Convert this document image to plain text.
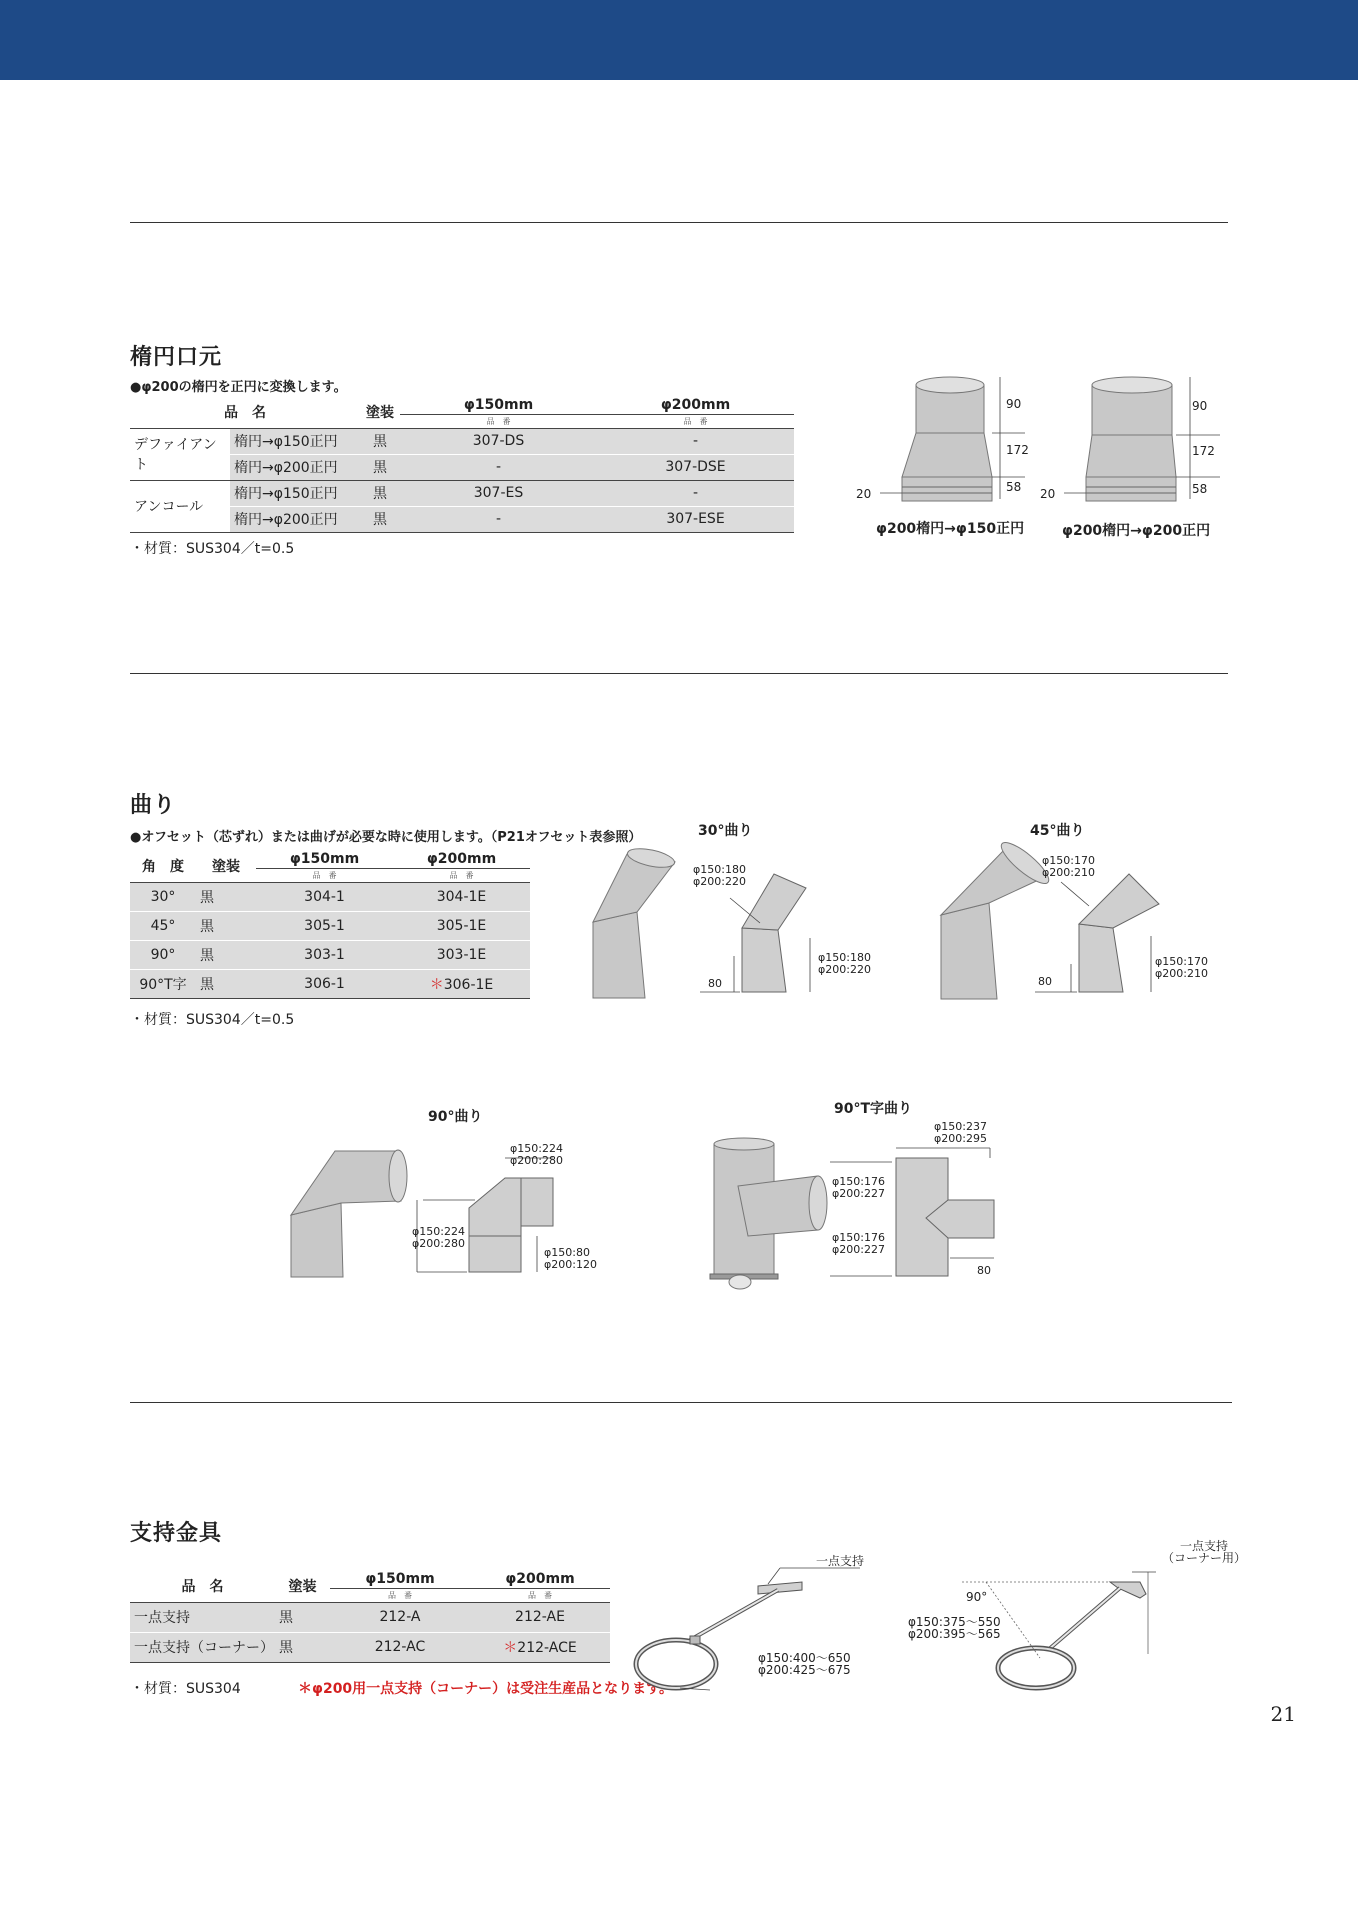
楕円口元
●φ200の楕円を正円に変換します。
品　名		塗装	φ150mm	φ200mm
			品　番	品　番
デファイアント	楕円→φ150正円	黒	307-DS	-
	楕円→φ200正円	黒	-	307-DSE
アンコール	楕円→φ150正円	黒	307-ES	-
	楕円→φ200正円	黒	-	307-ESE
・材質：SUS304／t=0.5
90
172
58
20
φ200楕円→φ150正円
90
172
58
20
φ200楕円→φ200正円
曲り
●オフセット（芯ずれ）または曲げが必要な時に使用します。（P21オフセット表参照）
角　度	塗装	φ150mm	φ200mm
		品　番	品　番
30°	黒	304-1	304-1E
45°	黒	305-1	305-1E
90°	黒	303-1	303-1E
90°T字	黒	306-1	＊306-1E
・材質：SUS304／t=0.5
30°曲り
φ150:180
φ200:220
φ150:180
φ200:220
80
45°曲り
φ150:170
φ200:210
φ150:170
φ200:210
80
90°曲り
φ150:224
φ200:280
φ150:224
φ200:280
φ150:80
φ200:120
90°T字曲り
φ150:237
φ200:295
φ150:176
φ200:227
φ150:176
φ200:227
80
支持金具
品　名	塗装	φ150mm	φ200mm
		品　番	品　番
一点支持	黒	212-A	212-AE
一点支持（コーナー）	黒	212-AC	＊212-ACE
・材質：SUS304	＊φ200用一点支持（コーナー）は受注生産品となります。
一点支持
φ150:400〜650
φ200:425〜675
一点支持
（コーナー用）
90°
φ150:375〜550
φ200:395〜565
21
